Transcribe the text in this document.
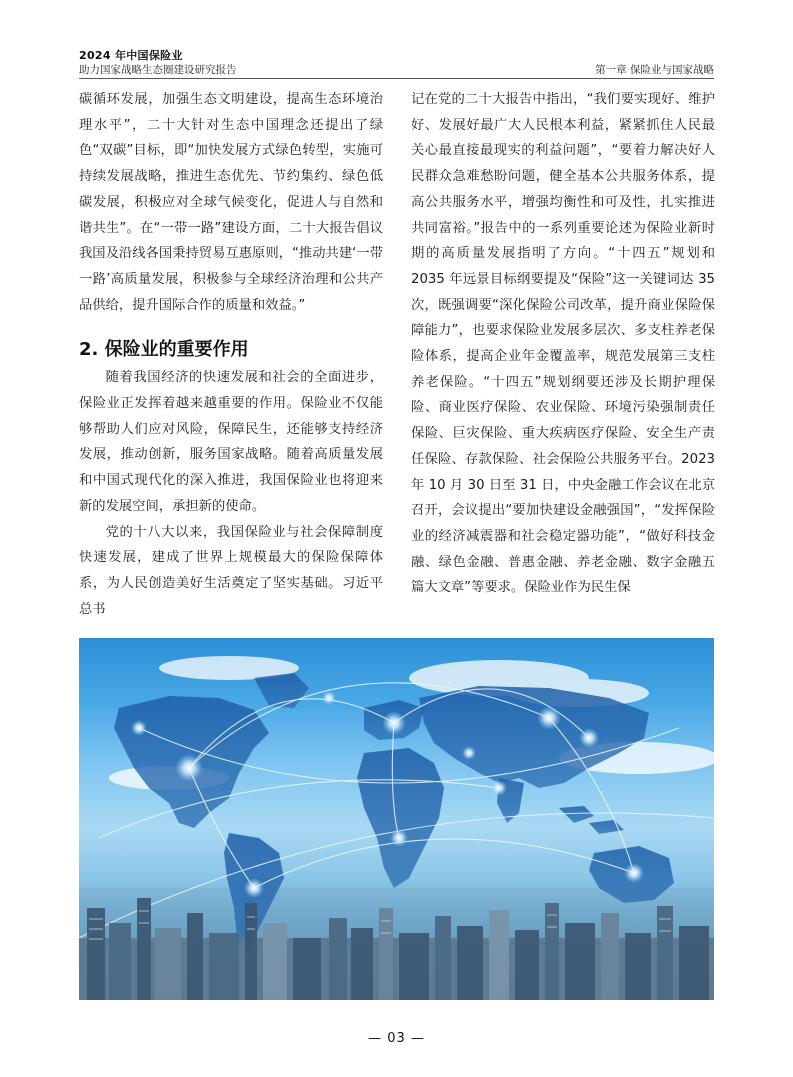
2024 年中国保险业
助力国家战略生态圈建设研究报告	第一章 保险业与国家战略

碳循环发展，加强生态文明建设，提高生态环境治理水平”，二十大针对生态中国理念还提出了绿色“双碳”目标，即“加快发展方式绿色转型，实施可持续发展战略，推进生态优先、节约集约、绿色低碳发展，积极应对全球气候变化，促进人与自然和谐共生”。在“一带一路”建设方面，二十大报告倡议我国及沿线各国秉持贸易互惠原则，“推动共建‘一带一路’高质量发展，积极参与全球经济治理和公共产品供给，提升国际合作的质量和效益。”

2. 保险业的重要作用

随着我国经济的快速发展和社会的全面进步，保险业正发挥着越来越重要的作用。保险业不仅能够帮助人们应对风险，保障民生，还能够支持经济发展，推动创新，服务国家战略。随着高质量发展和中国式现代化的深入推进，我国保险业也将迎来新的发展空间，承担新的使命。

党的十八大以来，我国保险业与社会保障制度快速发展，建成了世界上规模最大的保险保障体系，为人民创造美好生活奠定了坚实基础。习近平总书

记在党的二十大报告中指出，“我们要实现好、维护好、发展好最广大人民根本利益，紧紧抓住人民最关心最直接最现实的利益问题”，“要着力解决好人民群众急难愁盼问题，健全基本公共服务体系，提高公共服务水平，增强均衡性和可及性，扎实推进共同富裕。”报告中的一系列重要论述为保险业新时期的高质量发展指明了方向。“十四五”规划和 2035 年远景目标纲要提及“保险”这一关键词达 35 次，既强调要“深化保险公司改革，提升商业保险保障能力”，也要求保险业发展多层次、多支柱养老保险体系，提高企业年金覆盖率，规范发展第三支柱养老保险。“十四五”规划纲要还涉及长期护理保险、商业医疗保险、农业保险、环境污染强制责任保险、巨灾保险、重大疾病医疗保险、安全生产责任保险、存款保险、社会保险公共服务平台。2023 年 10 月 30 日至 31 日，中央金融工作会议在北京召开，会议提出“要加快建设金融强国”，“发挥保险业的经济减震器和社会稳定器功能”，“做好科技金融、绿色金融、普惠金融、养老金融、数字金融五篇大文章”等要求。保险业作为民生保

— 03 —
